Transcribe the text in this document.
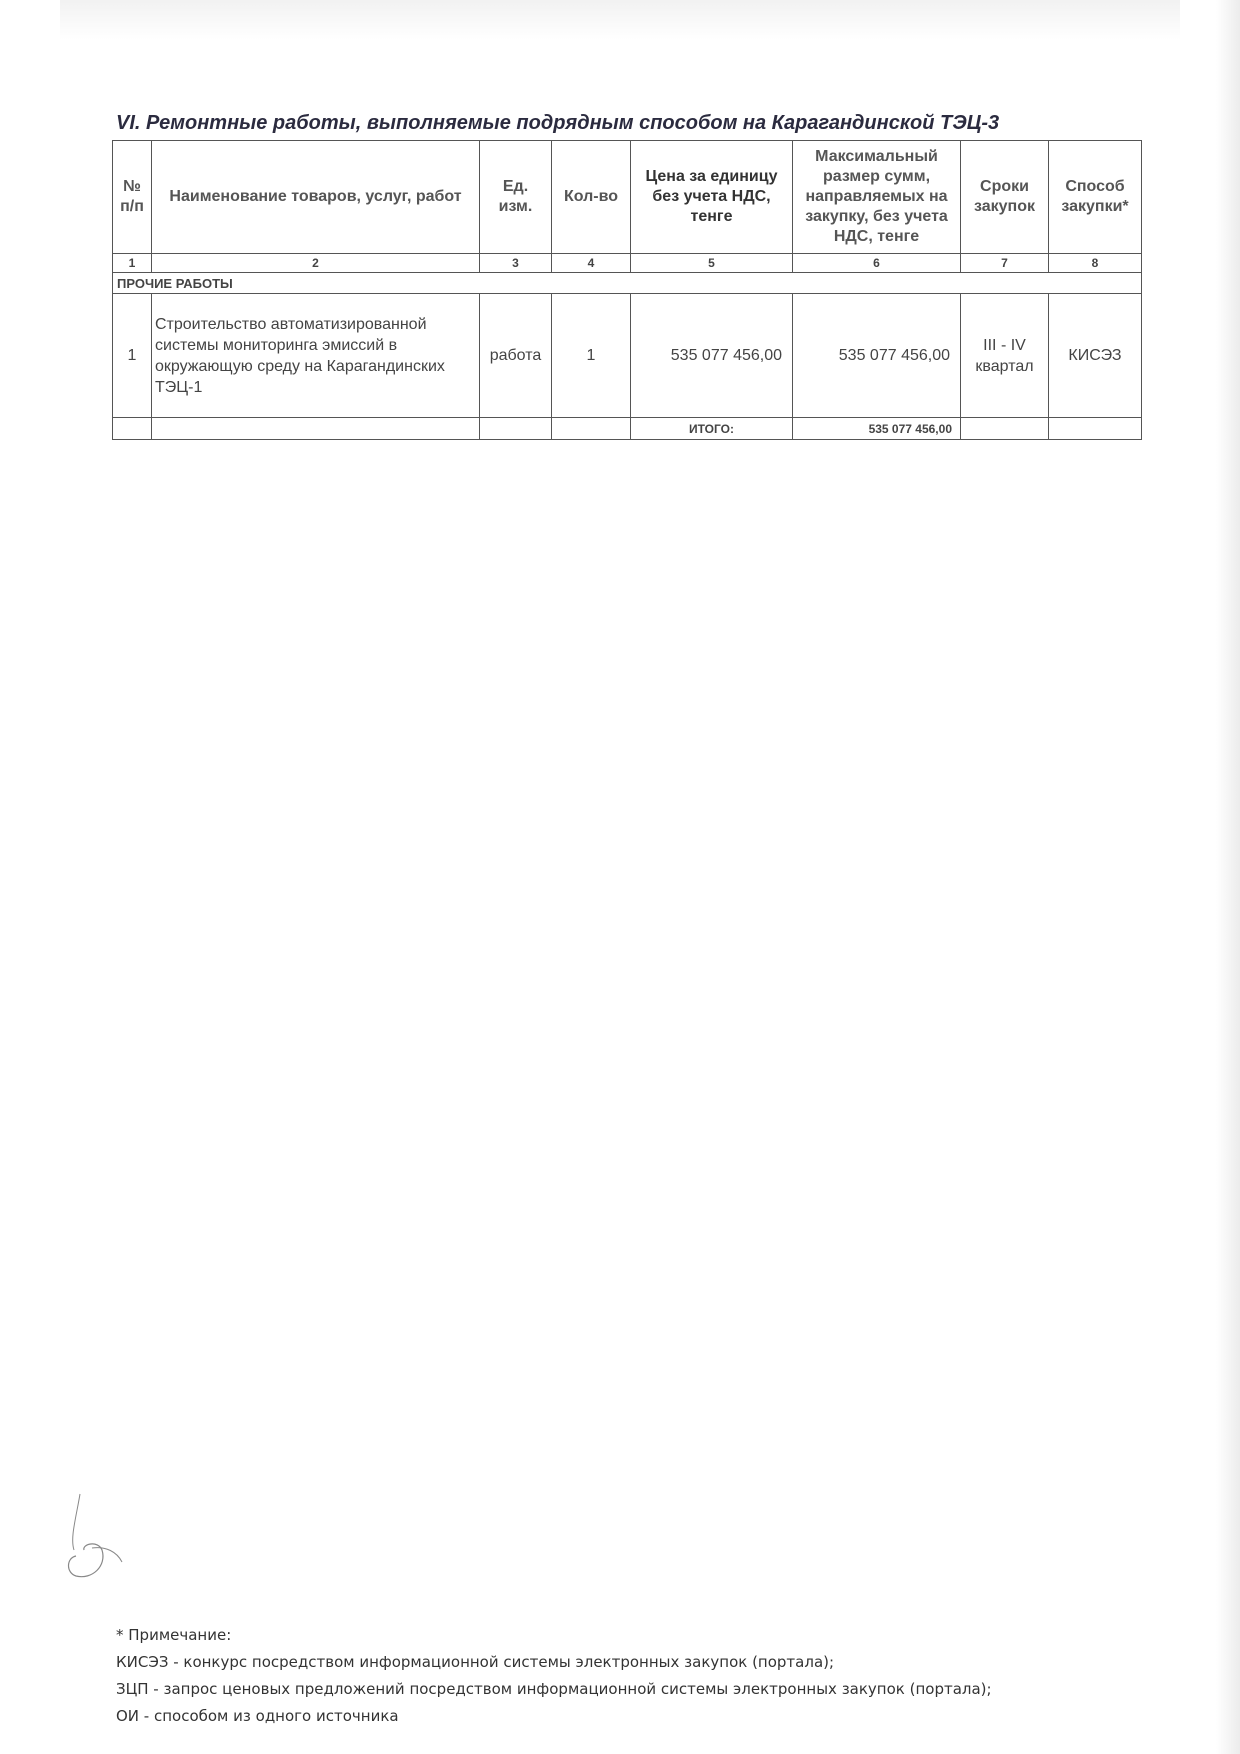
VI. Ремонтные работы, выполняемые подрядным способом на Карагандинской ТЭЦ-3
№ п/п	Наименование товаров, услуг, работ	Ед. изм.	Кол-во	Цена за единицу без учета НДС, тенге	Максимальный размер сумм, направляемых на закупку, без учета НДС, тенге	Сроки закупок	Способ закупки*
1	2	3	4	5	6	7	8
ПРОЧИЕ РАБОТЫ							
1	Строительство автоматизированной системы мониторинга эмиссий в окружающую среду на Карагандинских ТЭЦ-1	работа	1	535 077 456,00	535 077 456,00	III - IV квартал	КИСЭЗ
				ИТОГО:	535 077 456,00		
* Примечание:
КИСЭЗ - конкурс посредством информационной системы электронных закупок (портала);
ЗЦП - запрос ценовых предложений посредством информационной системы электронных закупок (портала);
ОИ - способом из одного источника
